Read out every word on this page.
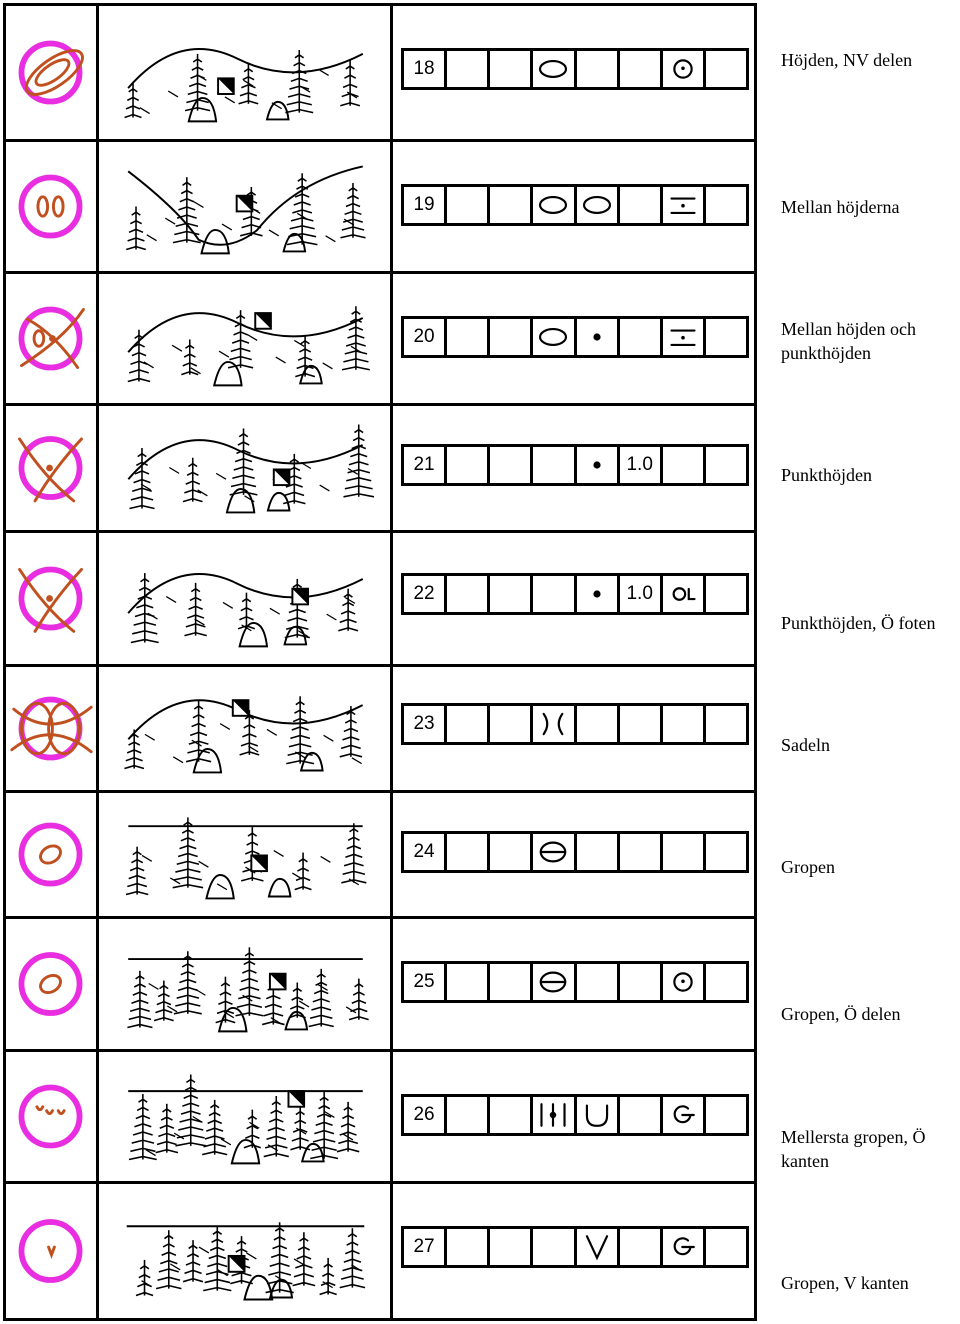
18
19
20
21	1.0
22	1.0
23
24
25
26
27
Höjden, NV delen
Mellan höjderna
Mellan höjden och punkthöjden
Punkthöjden
Punkthöjden, Ö foten
Sadeln
Gropen
Gropen, Ö delen
Mellersta gropen, Ö kanten
Gropen, V kanten
